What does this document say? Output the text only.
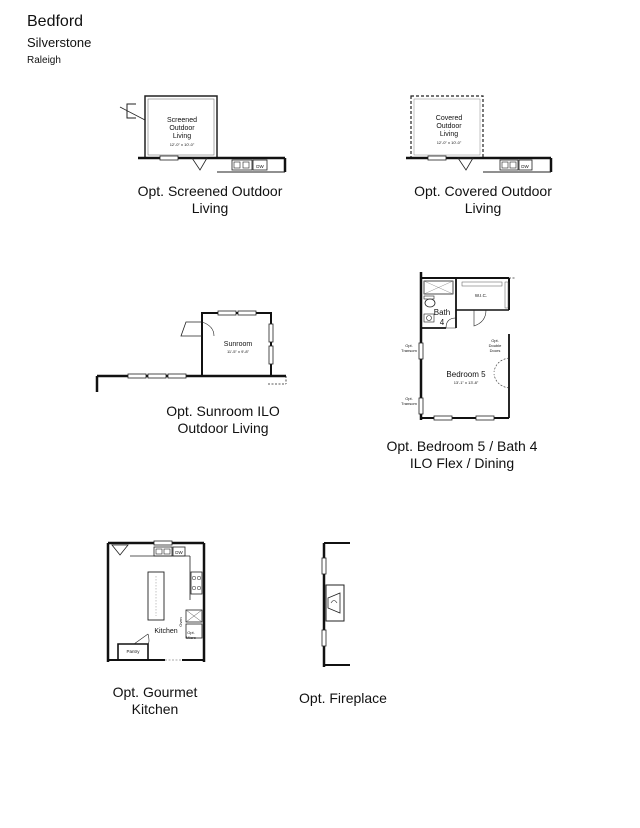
Bedford
Silverstone
Raleigh
Screened
Outdoor
Living
12'-0" x 10'-0"
DW
Covered
Outdoor
Living
12'-0" x 10'-0"
DW
Sunroom
11'-5" x 9'-8"
Bath
4
W.I.C.
Bedroom 5
13'-1" x 13'-8"
Opt.
Transom
Opt.
Transom
Opt.
Double
Doors
Kitchen
Pantry
DW
Oven
Opt.
Micro
Opt. Screened Outdoor
Living
Opt. Covered Outdoor
Living
Opt. Sunroom ILO
Outdoor Living
Opt. Bedroom 5 / Bath 4
ILO Flex / Dining
Opt. Gourmet
Kitchen
Opt. Fireplace
